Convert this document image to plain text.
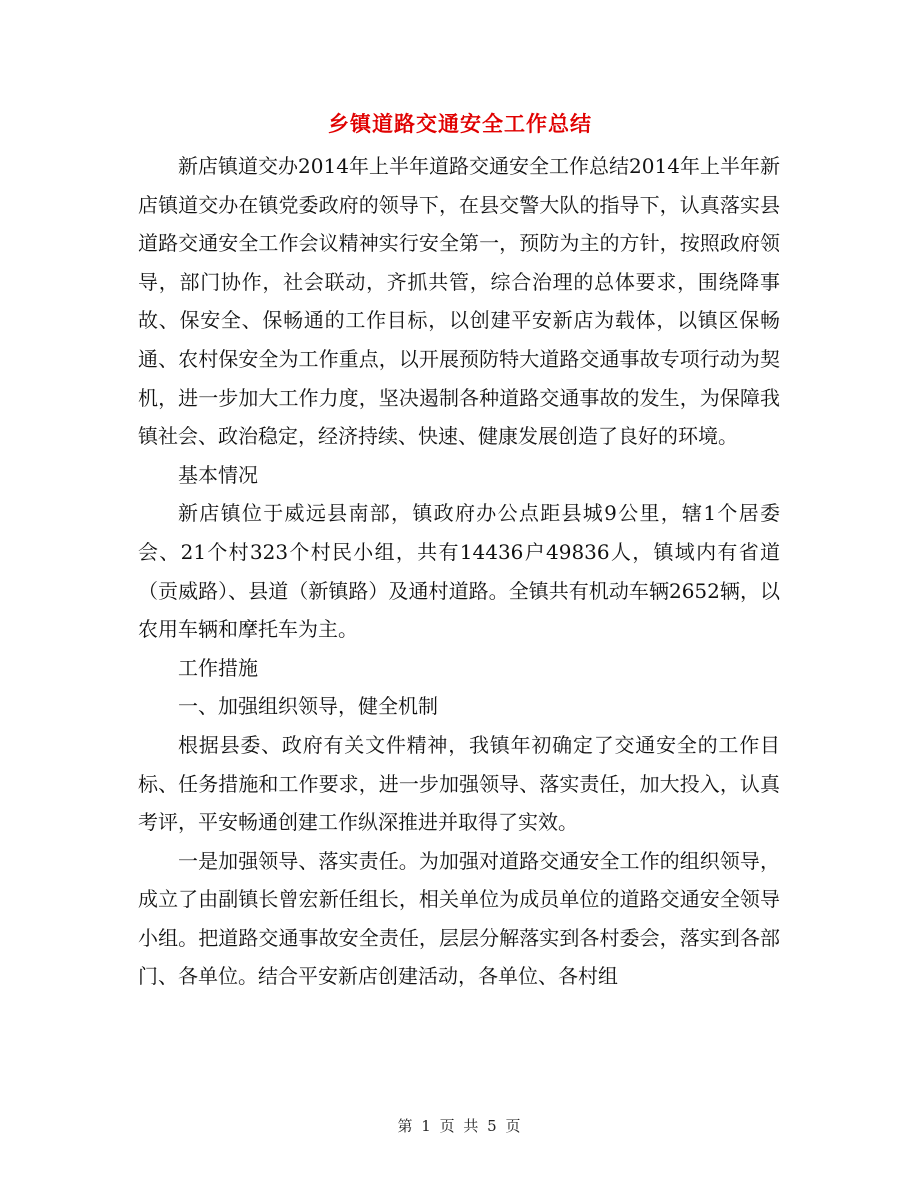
乡镇道路交通安全工作总结

新店镇道交办2014年上半年道路交通安全工作总结2014年上半年新店镇道交办在镇党委政府的领导下，在县交警大队的指导下，认真落实县道路交通安全工作会议精神实行安全第一，预防为主的方针，按照政府领导，部门协作，社会联动，齐抓共管，综合治理的总体要求，围绕降事故、保安全、保畅通的工作目标，以创建平安新店为载体，以镇区保畅通、农村保安全为工作重点，以开展预防特大道路交通事故专项行动为契机，进一步加大工作力度，坚决遏制各种道路交通事故的发生，为保障我镇社会、政治稳定，经济持续、快速、健康发展创造了良好的环境。

基本情况

新店镇位于威远县南部，镇政府办公点距县城9公里，辖1个居委会、21个村323个村民小组，共有14436户49836人，镇域内有省道（贡威路）、县道（新镇路）及通村道路。全镇共有机动车辆2652辆，以农用车辆和摩托车为主。

工作措施

一、加强组织领导，健全机制

根据县委、政府有关文件精神，我镇年初确定了交通安全的工作目标、任务措施和工作要求，进一步加强领导、落实责任，加大投入，认真考评，平安畅通创建工作纵深推进并取得了实效。

一是加强领导、落实责任。为加强对道路交通安全工作的组织领导，成立了由副镇长曾宏新任组长，相关单位为成员单位的道路交通安全领导小组。把道路交通事故安全责任，层层分解落实到各村委会，落实到各部门、各单位。结合平安新店创建活动，各单位、各村组

第 1 页 共 5 页
